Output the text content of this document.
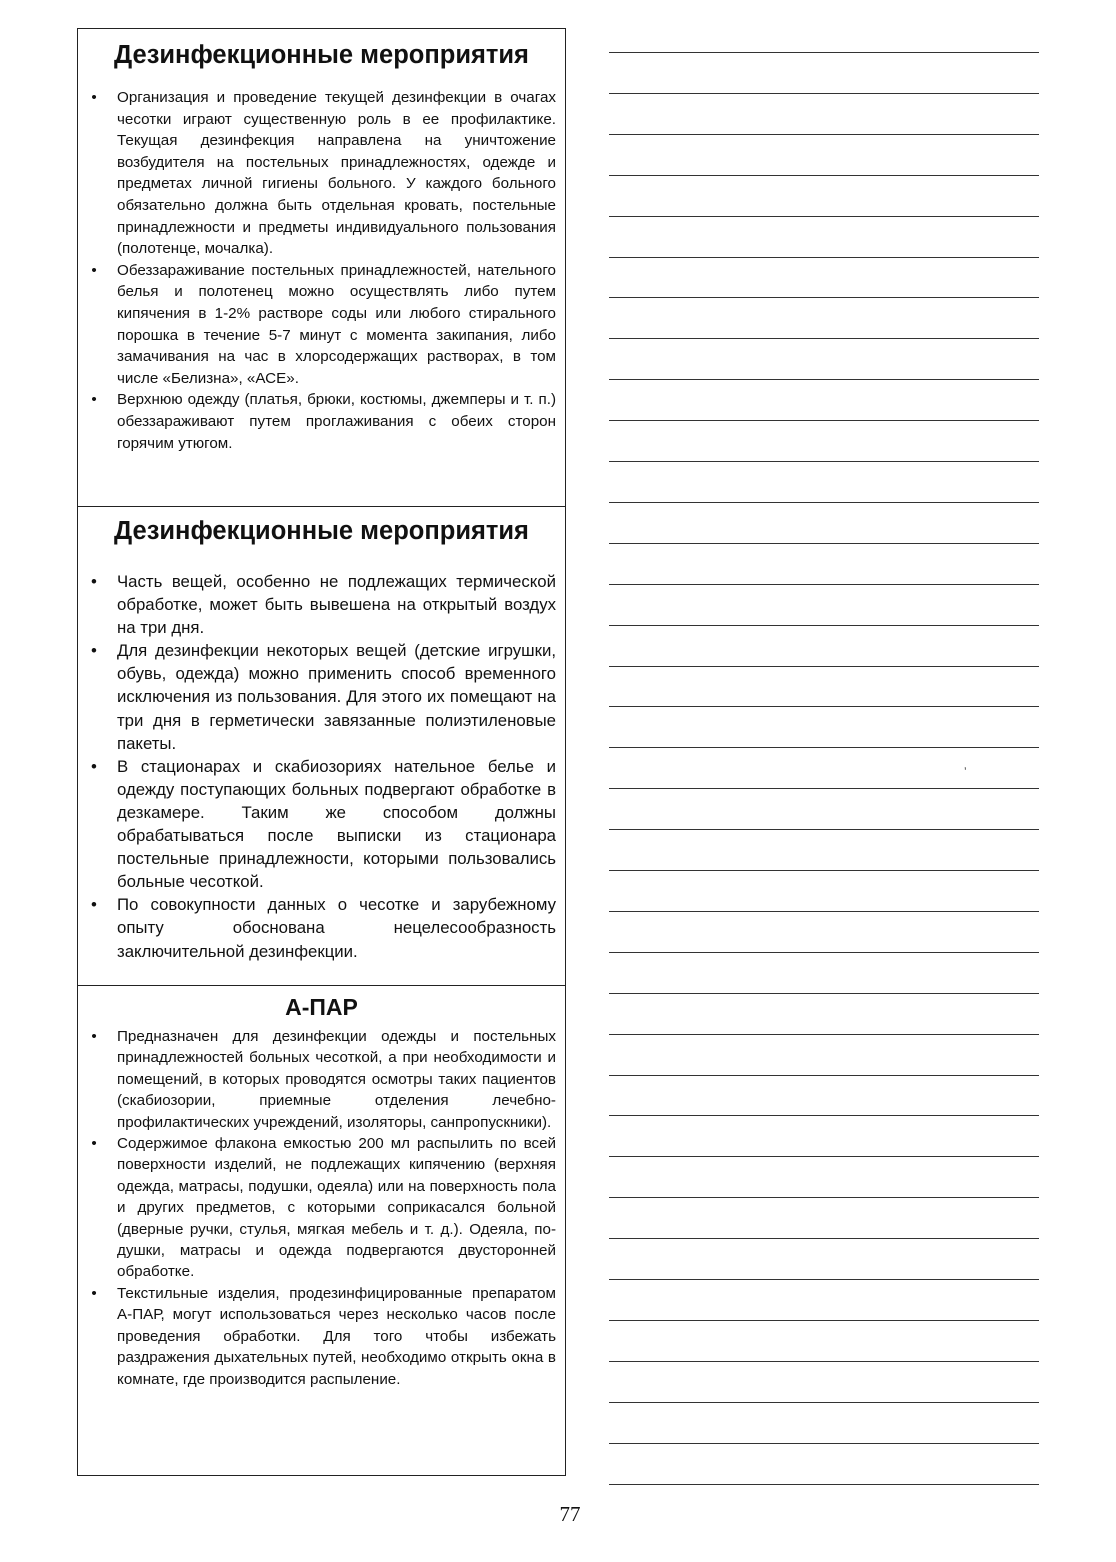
Дезинфекционные мероприятия
• Организация и проведение текущей дезинфекции в очагах чесотки играют существенную роль в ее профилактике. Текущая дезинфекция направлена на уничтожение возбудителя на постельных принадлежностях, одежде и предметах личной гигиены больного. У каждого больного обязательно должна быть отдельная кровать, постельные принадлежности и предметы индивидуального пользования (полотенце, мочалка).
• Обеззараживание постельных принадлежностей, нательного белья и полотенец можно осуществлять либо путем кипячения в 1-2% растворе соды или любого стирального порошка в течение 5-7 минут с момента закипания, либо замачивания на час в хлорсодержащих растворах, в том числе «Белизна», «АСЕ».
• Верхнюю одежду (платья, брюки, костюмы, джемперы и т. п.) обеззараживают путем проглаживания с обеих сторон горячим утюгом.
Дезинфекционные мероприятия
• Часть вещей, особенно не подлежащих термической обработке, может быть вывешена на открытый воздух на три дня.
• Для дезинфекции некоторых вещей (детские игрушки, обувь, одежда) можно применить способ временного исключения из пользования. Для этого их помещают на три дня в герметически завязанные полиэтиленовые пакеты.
• В стационарах и скабиозориях нательное белье и одежду поступающих больных подвергают обработке в дезкамере. Таким же способом должны обрабатываться после выписки из стационара постельные принадлежности, которыми пользовались больные чесоткой.
• По совокупности данных о чесотке и зарубежному опыту обоснована нецелесообразность заключительной дезинфекции.
А-ПАР
• Предназначен для дезинфекции одежды и постельных принадлежностей больных чесоткой, а при необходимости и помещений, в которых проводятся осмотры таких пациентов (скабиозории, приемные отделения лечебно-профилактических учреждений, изоляторы, санпропускники).
• Содержимое флакона емкостью 200 мл распылить по всей поверхности изделий, не подлежащих кипячению (верхняя одежда, матрасы, подушки, одеяла) или на поверхность пола и других предметов, с которыми соприкасался больной (дверные ручки, стулья, мягкая мебель и т. д.). Одеяла, подушки, матрасы и одежда подвергаются двусторонней обработке.
• Текстильные изделия, продезинфицированные препаратом А-ПАР, могут использоваться через несколько часов после проведения обработки. Для того чтобы избежать раздражения дыхательных путей, необходимо открыть окна в комнате, где производится распыление.
ʼ
77
